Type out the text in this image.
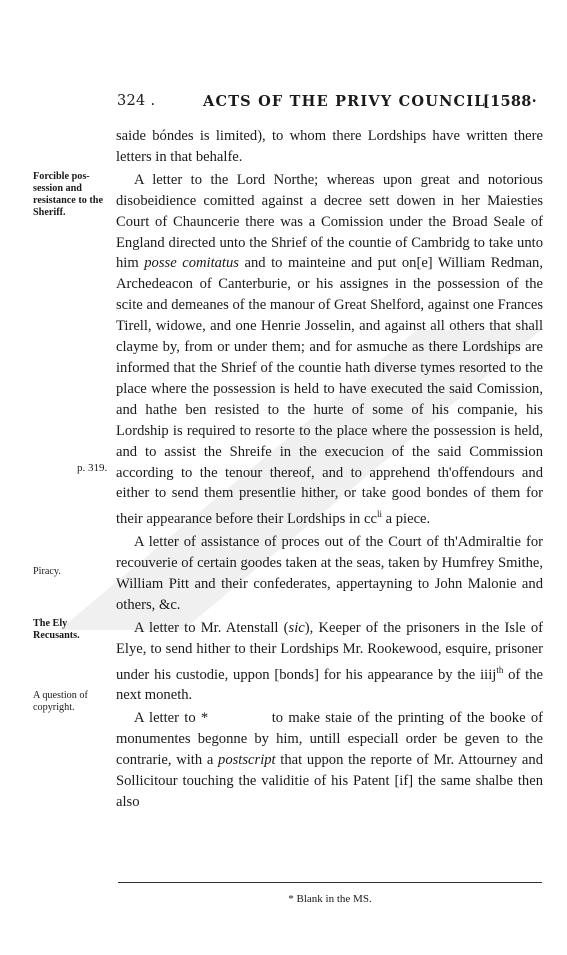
324 .	ACTS OF THE PRIVY COUNCIL
[1588·
Forcible pos-session and resistance to the Sheriff.
p. 319.
Piracy.
The Ely Recusants.
A question of copyright.

saide bóndes is limited), to whom there Lordships have written there letters in that behalfe.

A letter to the Lord Northe; whereas upon great and notorious disobeidience comitted against a decree sett dowen in her Maiesties Court of Chauncerie there was a Comission under the Broad Seale of England directed unto the Shrief of the countie of Cambridg to take unto him posse comitatus and to mainteine and put on[e] William Redman, Archedeacon of Canterburie, or his assignes in the possession of the scite and demeanes of the manour of Great Shelford, against one Frances Tirell, widowe, and one Henrie Josselin, and against all others that shall clayme by, from or under them; and for asmuche as there Lordships are informed that the Shrief of the countie hath diverse tymes resorted to the place where the possession is held to have executed the said Comission, and hathe ben resisted to the hurte of some of his companie, his Lordship is required to resorte to the place where the possession is held, and to assist the Shreife in the execucion of the said Commission according to the tenour thereof, and to apprehend th'offendours and either to send them presentlie hither, or take good bondes of them for their appearance before their Lordships in $cc^{li}$ a piece.

A letter of assistance of proces out of the Court of th'Admiraltie for recouverie of certain goodes taken at the seas, taken by Humfrey Smithe, William Pitt and their confederates, appertayning to John Malonie and others, &c.

A letter to Mr. Atenstall (sic), Keeper of the prisoners in the Isle of Elye, to send hither to their Lordships Mr. Rookewood, esquire, prisoner under his custodie, uppon [bonds] for his appearance by the iiij$^{th}$ of the next moneth.

A letter to *	to make staie of the printing of the booke of monumentes begonne by him, untill especiall order be geven to the contrarie, with a postscript that uppon the reporte of Mr. Attourney and Sollicitour touching the validitie of his Patent [if] the same shalbe then also

* Blank in the MS.
